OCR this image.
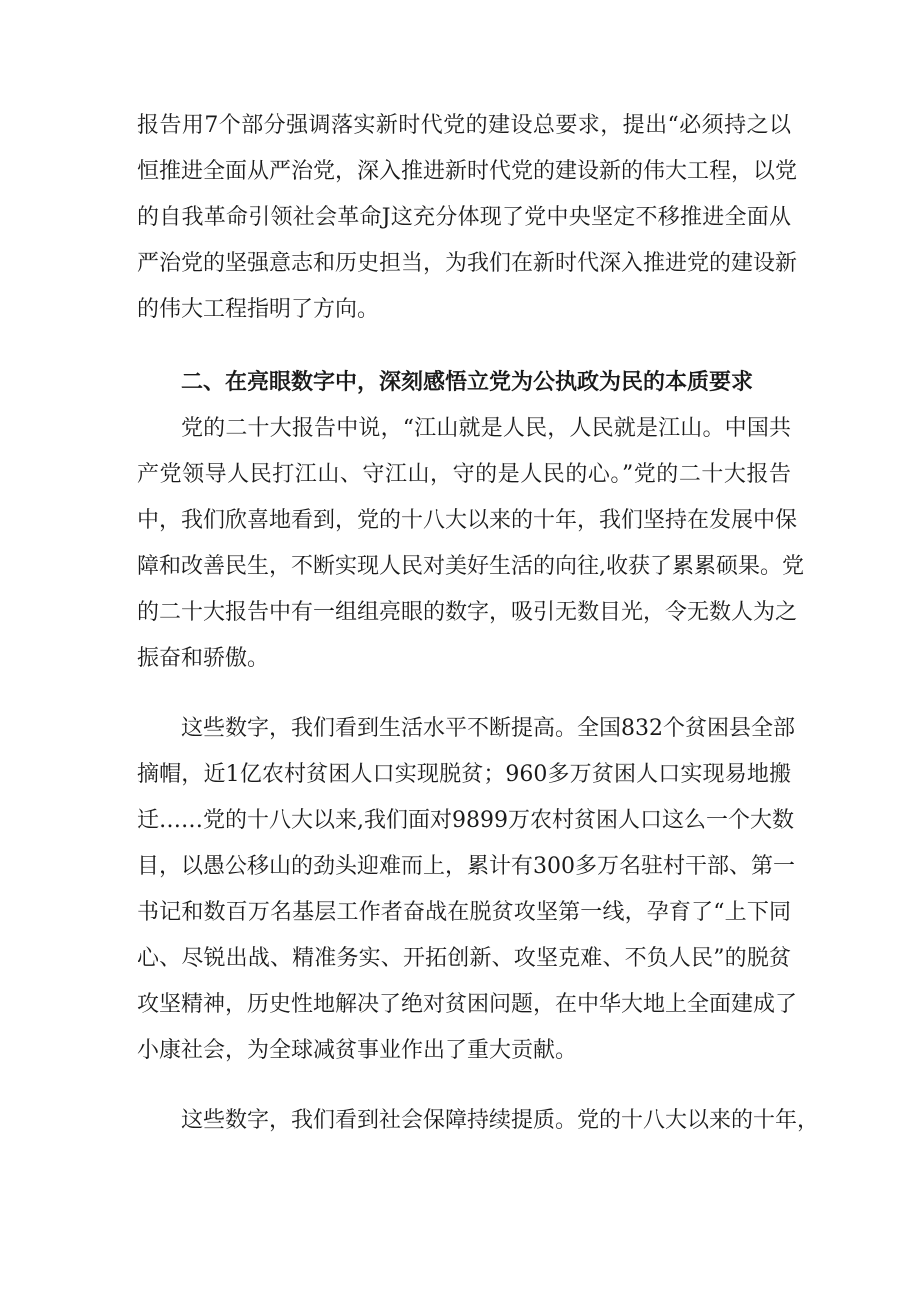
报告用7个部分强调落实新时代党的建设总要求，提出“必须持之以
恒推进全面从严治党，深入推进新时代党的建设新的伟大工程，以党
的自我革命引领社会革命J这充分体现了党中央坚定不移推进全面从
严治党的坚强意志和历史担当，为我们在新时代深入推进党的建设新
的伟大工程指明了方向。
二、在亮眼数字中，深刻感悟立党为公执政为民的本质要求
党的二十大报告中说，“江山就是人民，人民就是江山。中国共
产党领导人民打江山、守江山，守的是人民的心。”党的二十大报告
中，我们欣喜地看到，党的十八大以来的十年，我们坚持在发展中保
障和改善民生，不断实现人民对美好生活的向往,收获了累累硕果。党
的二十大报告中有一组组亮眼的数字，吸引无数目光，令无数人为之
振奋和骄傲。
这些数字，我们看到生活水平不断提高。全国832个贫困县全部
摘帽，近1亿农村贫困人口实现脱贫；960多万贫困人口实现易地搬
迁……党的十八大以来,我们面对9899万农村贫困人口这么一个大数
目，以愚公移山的劲头迎难而上，累计有300多万名驻村干部、第一
书记和数百万名基层工作者奋战在脱贫攻坚第一线，孕育了“上下同
心、尽锐出战、精准务实、开拓创新、攻坚克难、不负人民”的脱贫
攻坚精神，历史性地解决了绝对贫困问题，在中华大地上全面建成了
小康社会，为全球减贫事业作出了重大贡献。
这些数字，我们看到社会保障持续提质。党的十八大以来的十年，
